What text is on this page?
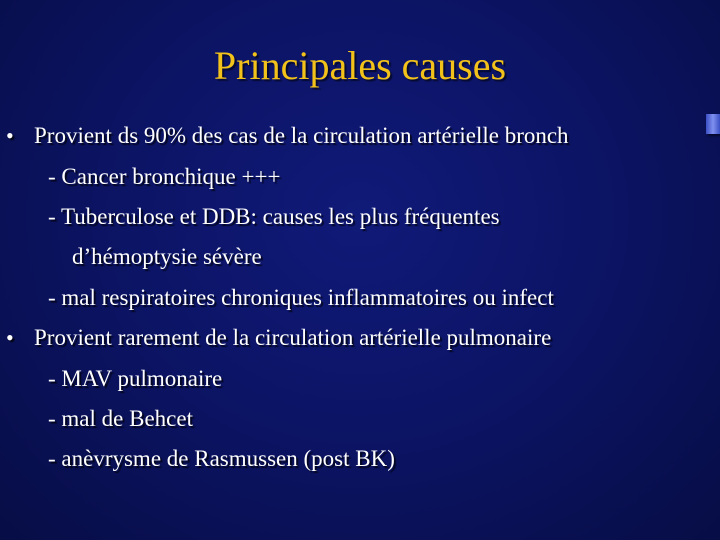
Principales causes
• Provient ds 90% des cas de la circulation artérielle bronch
- Cancer bronchique +++
- Tuberculose et DDB: causes les plus fréquentes
d’hémoptysie sévère
- mal respiratoires chroniques inflammatoires ou infect
• Provient rarement de la circulation artérielle pulmonaire
- MAV pulmonaire
- mal de Behcet
- anèvrysme de Rasmussen (post BK)
